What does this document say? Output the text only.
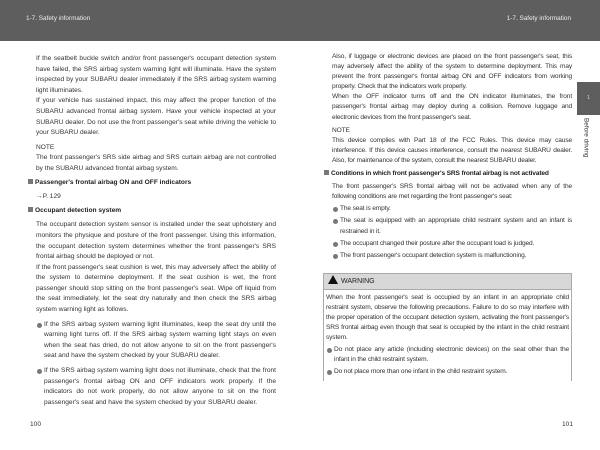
1-7. Safety information	1-7. Safety information

If the seatbelt buckle switch and/or front passenger's occupant detection system have failed, the SRS airbag system warning light will illuminate. Have the system inspected by your SUBARU dealer immediately if the SRS airbag system warning light illuminates.

If your vehicle has sustained impact, this may affect the proper function of the SUBARU advanced frontal airbag system. Have your vehicle inspected at your SUBARU dealer. Do not use the front passenger's seat while driving the vehicle to your SUBARU dealer.

NOTE

The front passenger's SRS side airbag and SRS curtain airbag are not controlled by the SUBARU advanced frontal airbag system.

Passenger's frontal airbag ON and OFF indicators

→P. 129

Occupant detection system

The occupant detection system sensor is installed under the seat upholstery and monitors the physique and posture of the front passenger. Using this information, the occupant detection system determines whether the front passenger's SRS frontal airbag should be deployed or not.

If the front passenger's seat cushion is wet, this may adversely affect the ability of the system to determine deployment. If the seat cushion is wet, the front passenger should stop sitting on the front passenger's seat. Wipe off liquid from the seat immediately, let the seat dry naturally and then check the SRS airbag system warning light as follows.

If the SRS airbag system warning light illuminates, keep the seat dry until the warning light turns off. If the SRS airbag system warning light stays on even when the seat has dried, do not allow anyone to sit on the front passenger's seat and have the system checked by your SUBARU dealer.

If the SRS airbag system warning light does not illuminate, check that the front passenger's frontal airbag ON and OFF indicators work properly. If the indicators do not work properly, do not allow anyone to sit on the front passenger's seat and have the system checked by your SUBARU dealer.

100

Also, if luggage or electronic devices are placed on the front passenger's seat, this may adversely affect the ability of the system to determine deployment. This may prevent the front passenger's frontal airbag ON and OFF indicators from working properly. Check that the indicators work properly.

When the OFF indicator turns off and the ON indicator illuminates, the front passenger's frontal airbag may deploy during a collision. Remove luggage and electronic devices from the front passenger's seat.

NOTE

This device complies with Part 18 of the FCC Rules. This device may cause interference. If this device causes interference, consult the nearest SUBARU dealer. Also, for maintenance of the system, consult the nearest SUBARU dealer.

Conditions in which front passenger's SRS frontal airbag is not activated

The front passenger's SRS frontal airbag will not be activated when any of the following conditions are met regarding the front passenger's seat:

The seat is empty.

The seat is equipped with an appropriate child restraint system and an infant is restrained in it.

The occupant changed their posture after the occupant load is judged.

The front passenger's occupant detection system is malfunctioning.

WARNING

When the front passenger's seat is occupied by an infant in an appropriate child restraint system, observe the following precautions. Failure to do so may interfere with the proper operation of the occupant detection system, activating the front passenger's SRS frontal airbag even though that seat is occupied by the infant in the child restraint system.

Do not place any article (including electronic devices) on the seat other than the infant in the child restraint system.

Do not place more than one infant in the child restraint system.

1
Before driving
101
